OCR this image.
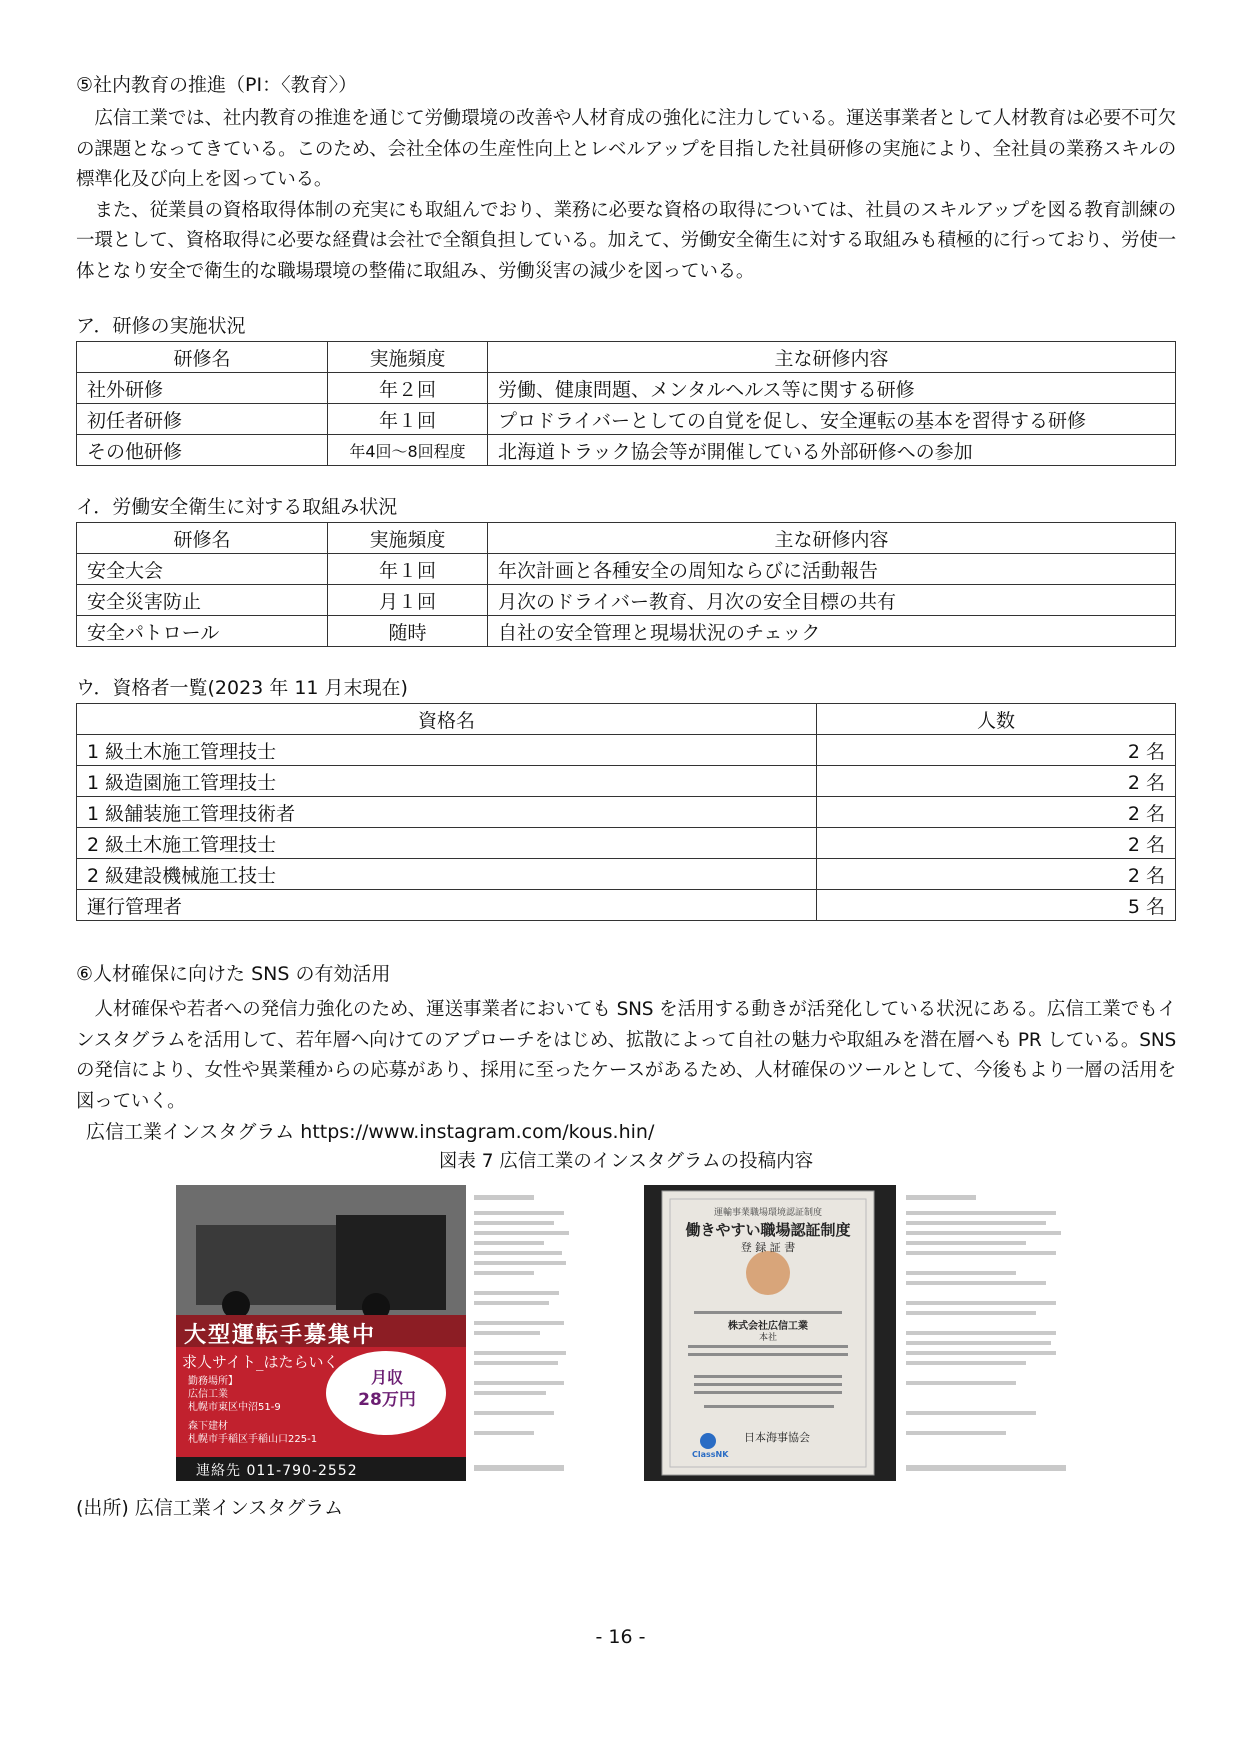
⑤社内教育の推進（PI：〈教育〉）

広信工業では、社内教育の推進を通じて労働環境の改善や人材育成の強化に注力している。運送事業者として人材教育は必要不可欠の課題となってきている。このため、会社全体の生産性向上とレベルアップを目指した社員研修の実施により、全社員の業務スキルの標準化及び向上を図っている。

また、従業員の資格取得体制の充実にも取組んでおり、業務に必要な資格の取得については、社員のスキルアップを図る教育訓練の一環として、資格取得に必要な経費は会社で全額負担している。加えて、労働安全衛生に対する取組みも積極的に行っており、労使一体となり安全で衛生的な職場環境の整備に取組み、労働災害の減少を図っている。

ア．研修の実施状況
研修名	実施頻度	主な研修内容
社外研修	年２回	労働、健康問題、メンタルヘルス等に関する研修
初任者研修	年１回	プロドライバーとしての自覚を促し、安全運転の基本を習得する研修
その他研修	年4回～8回程度	北海道トラック協会等が開催している外部研修への参加
イ．労働安全衛生に対する取組み状況
研修名	実施頻度	主な研修内容
安全大会	年１回	年次計画と各種安全の周知ならびに活動報告
安全災害防止	月１回	月次のドライバー教育、月次の安全目標の共有
安全パトロール	随時	自社の安全管理と現場状況のチェック
ウ．資格者一覧(2023 年 11 月末現在)
資格名	人数
1 級土木施工管理技士	2 名
1 級造園施工管理技士	2 名
1 級舗装施工管理技術者	2 名
2 級土木施工管理技士	2 名
2 級建設機械施工技士	2 名
運行管理者	5 名
⑥人材確保に向けた SNS の有効活用

人材確保や若者への発信力強化のため、運送事業者においても SNS を活用する動きが活発化している状況にある。広信工業でもインスタグラムを活用して、若年層へ向けてのアプローチをはじめ、拡散によって自社の魅力や取組みを潜在層へも PR している。SNS の発信により、女性や異業種からの応募があり、採用に至ったケースがあるため、人材確保のツールとして、今後もより一層の活用を図っていく。

広信工業インスタグラム https://www.instagram.com/kous.hin/
図表 7 広信工業のインスタグラムの投稿内容
大型運転手募集中
求人サイト_はたらいく
月収
28万円
勤務場所】
広信工業
札幌市東区中沼51-9
森下建材
札幌市手稲区手稲山口225-1
連絡先 011-790-2552
運輸事業職場環境認証制度
働きやすい職場認証制度
登 録 証 書
株式会社広信工業
本社
日本海事協会
ClassNK
(出所) 広信工業インスタグラム
- 16 -
